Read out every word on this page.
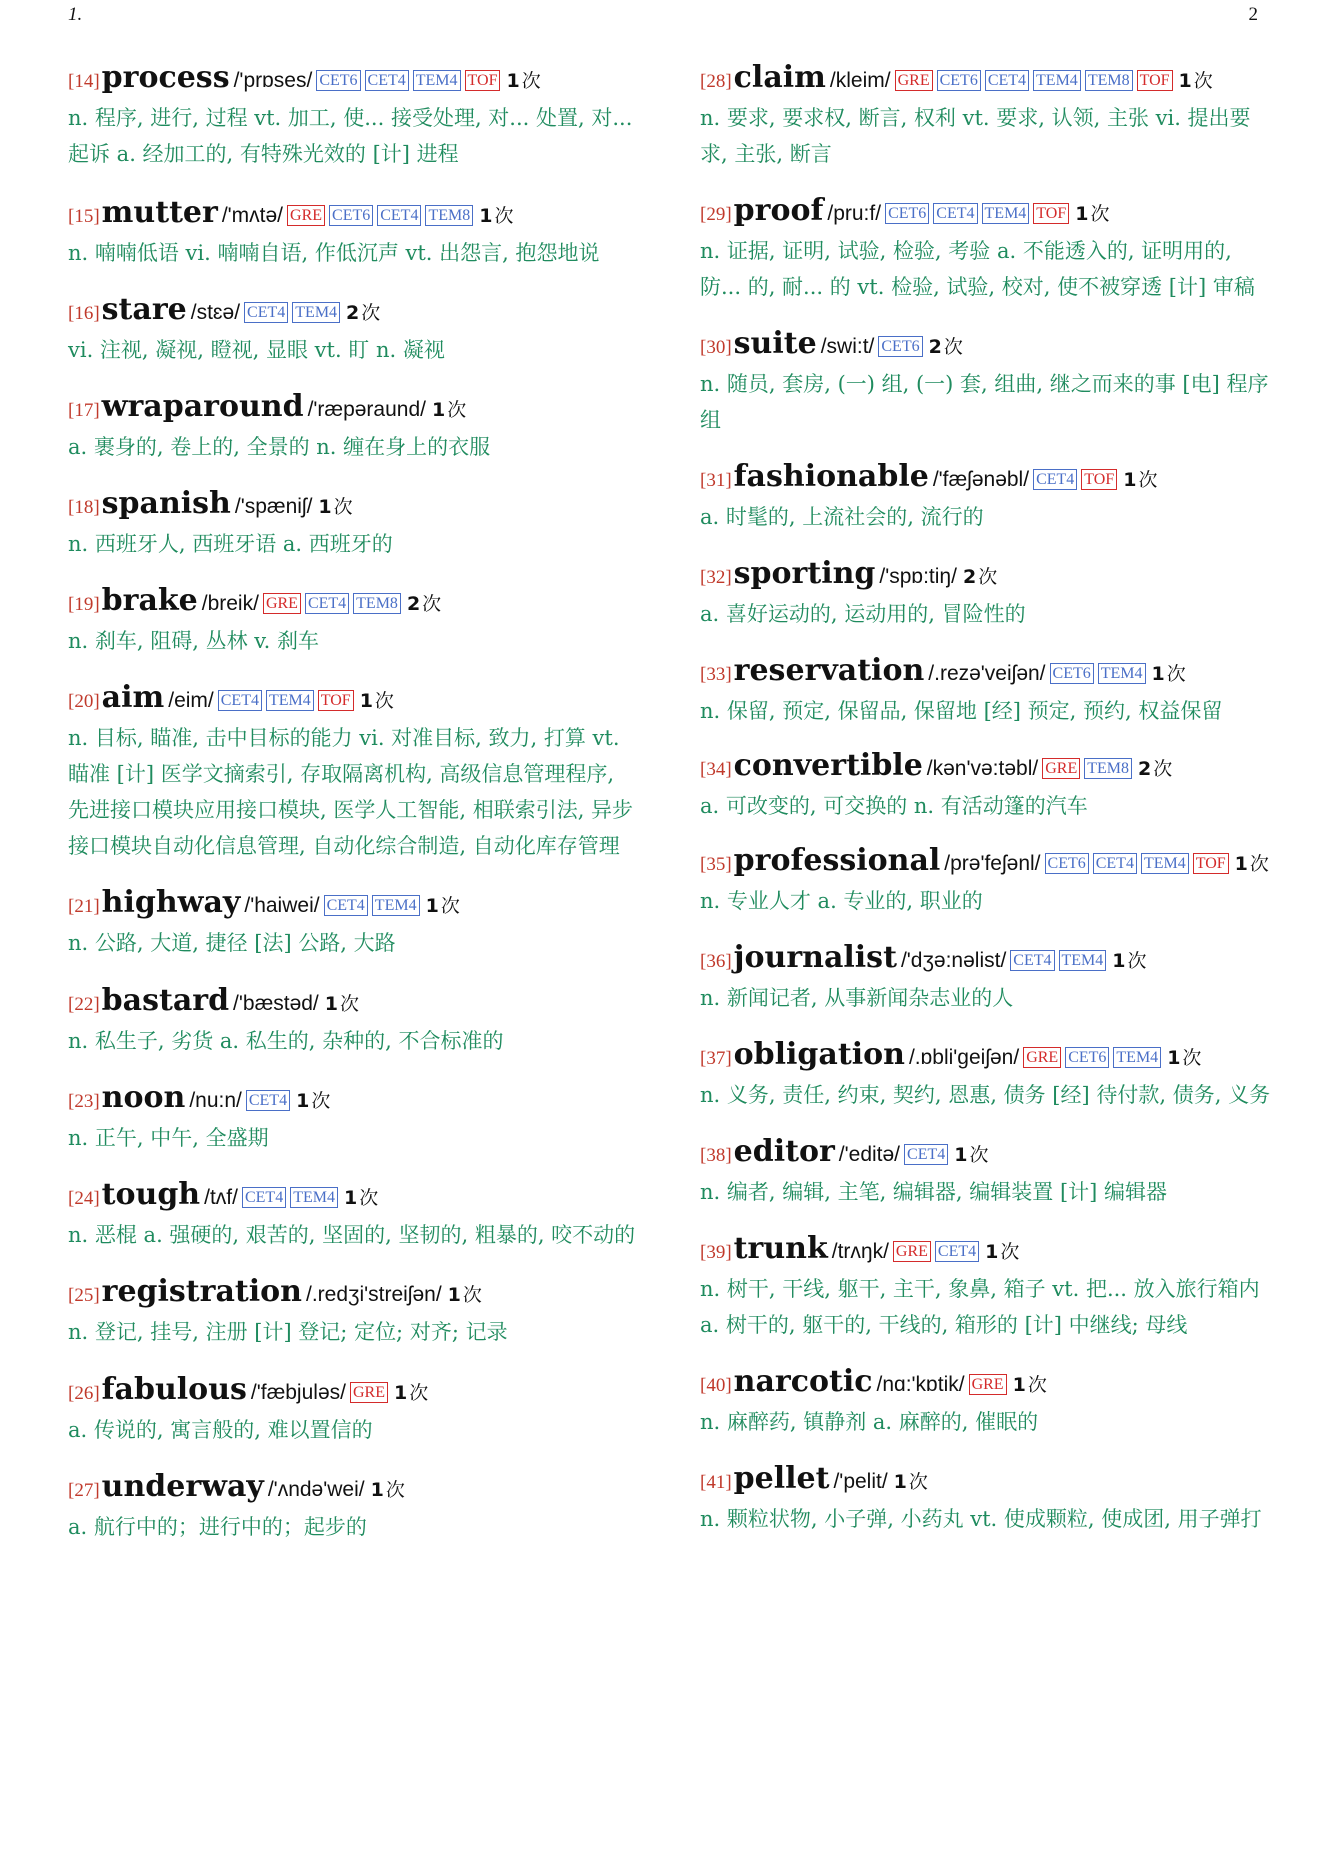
1.	2
[14]process /'prɒses/ CET6 CET4 TEM4 TOF 1 次

n. 程序, 进行, 过程 vt. 加工, 使... 接受处理, 对... 处置, 对... 起诉 a. 经加工的, 有特殊光效的 [计] 进程

[15]mutter /'mʌtə/ GRE CET6 CET4 TEM8 1 次

n. 喃喃低语 vi. 喃喃自语, 作低沉声 vt. 出怨言, 抱怨地说

[16]stare /stɛə/ CET4 TEM4 2 次

vi. 注视, 凝视, 瞪视, 显眼 vt. 盯 n. 凝视

[17]wraparound /'ræpəraund/ 1 次

a. 裹身的, 卷上的, 全景的 n. 缠在身上的衣服

[18]spanish /'spæniʃ/ 1 次

n. 西班牙人, 西班牙语 a. 西班牙的

[19]brake /breik/ GRE CET4 TEM8 2 次

n. 刹车, 阻碍, 丛林 v. 刹车

[20]aim /eim/ CET4 TEM4 TOF 1 次

n. 目标, 瞄准, 击中目标的能力 vi. 对准目标, 致力, 打算 vt. 瞄准 [计] 医学文摘索引, 存取隔离机构, 高级信息管理程序, 先进接口模块应用接口模块, 医学人工智能, 相联索引法, 异步接口模块自动化信息管理, 自动化综合制造, 自动化库存管理

[21]highway /'haiwei/ CET4 TEM4 1 次

n. 公路, 大道, 捷径 [法] 公路, 大路

[22]bastard /'bæstəd/ 1 次

n. 私生子, 劣货 a. 私生的, 杂种的, 不合标准的

[23]noon /nu:n/ CET4 1 次

n. 正午, 中午, 全盛期

[24]tough /tʌf/ CET4 TEM4 1 次

n. 恶棍 a. 强硬的, 艰苦的, 坚固的, 坚韧的, 粗暴的, 咬不动的

[25]registration /.redʒi'streiʃən/ 1 次

n. 登记, 挂号, 注册 [计] 登记; 定位; 对齐; 记录

[26]fabulous /'fæbjuləs/ GRE 1 次

a. 传说的, 寓言般的, 难以置信的

[27]underway /'ʌndə'wei/ 1 次

a. 航行中的；进行中的；起步的

[28]claim /kleim/ GRE CET6 CET4 TEM4 TEM8 TOF 1 次

n. 要求, 要求权, 断言, 权利 vt. 要求, 认领, 主张 vi. 提出要求, 主张, 断言

[29]proof /pru:f/ CET6 CET4 TEM4 TOF 1 次

n. 证据, 证明, 试验, 检验, 考验 a. 不能透入的, 证明用的, 防... 的, 耐... 的 vt. 检验, 试验, 校对, 使不被穿透 [计] 审稿

[30]suite /swi:t/ CET6 2 次

n. 随员, 套房, (一) 组, (一) 套, 组曲, 继之而来的事 [电] 程序组

[31]fashionable /'fæʃənəbl/ CET4 TOF 1 次

a. 时髦的, 上流社会的, 流行的

[32]sporting /'spɒ:tiŋ/ 2 次

a. 喜好运动的, 运动用的, 冒险性的

[33]reservation /.rezə'veiʃən/ CET6 TEM4 1 次

n. 保留, 预定, 保留品, 保留地 [经] 预定, 预约, 权益保留

[34]convertible /kən'və:təbl/ GRE TEM8 2 次

a. 可改变的, 可交换的 n. 有活动篷的汽车

[35]professional /prə'feʃənl/ CET6 CET4 TEM4 TOF 1 次

n. 专业人才 a. 专业的, 职业的

[36]journalist /'dʒə:nəlist/ CET4 TEM4 1 次

n. 新闻记者, 从事新闻杂志业的人

[37]obligation /.ɒbli'geiʃən/ GRE CET6 TEM4 1 次

n. 义务, 责任, 约束, 契约, 恩惠, 债务 [经] 待付款, 债务, 义务

[38]editor /'editə/ CET4 1 次

n. 编者, 编辑, 主笔, 编辑器, 编辑装置 [计] 编辑器

[39]trunk /trʌŋk/ GRE CET4 1 次

n. 树干, 干线, 躯干, 主干, 象鼻, 箱子 vt. 把... 放入旅行箱内 a. 树干的, 躯干的, 干线的, 箱形的 [计] 中继线; 母线

[40]narcotic /nɑ:'kɒtik/ GRE 1 次

n. 麻醉药, 镇静剂 a. 麻醉的, 催眠的

[41]pellet /'pelit/ 1 次

n. 颗粒状物, 小子弹, 小药丸 vt. 使成颗粒, 使成团, 用子弹打
